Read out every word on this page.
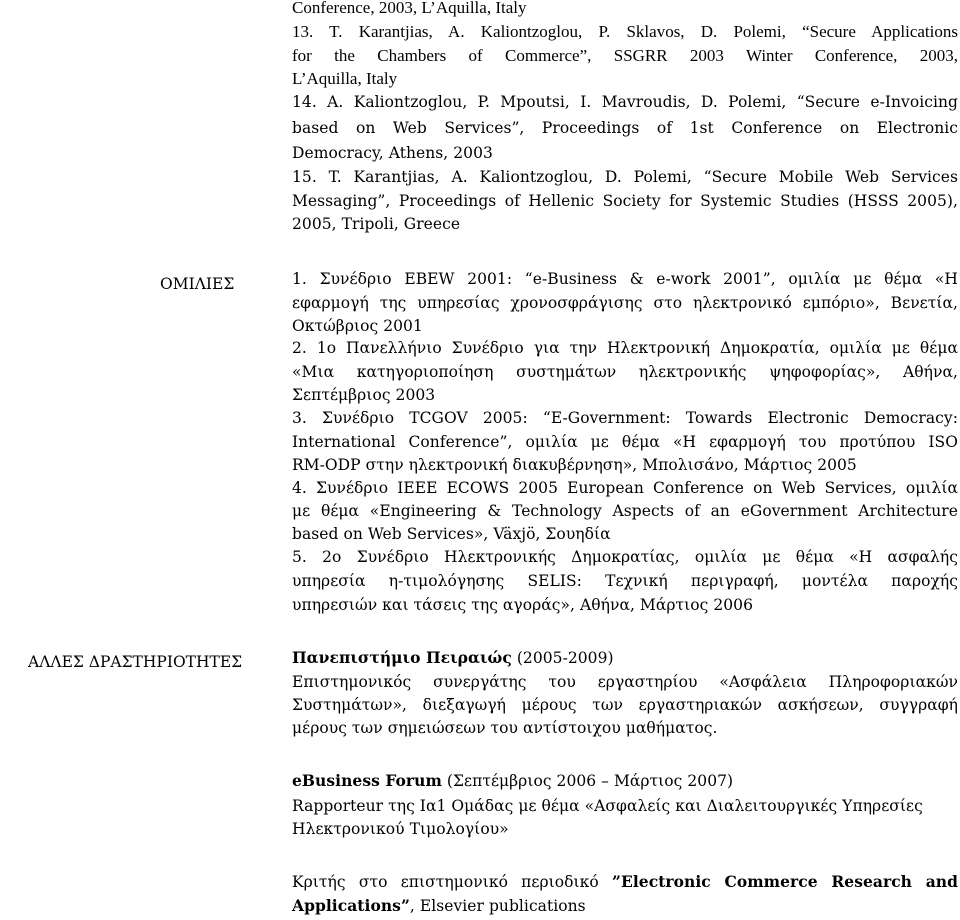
Conference, 2003, L’Aquilla, Italy
13. T. Karantjias, A. Kaliontzoglou, P. Sklavos, D. Polemi, “Secure Applications
for the Chambers of Commerce”, SSGRR 2003 Winter Conference, 2003,
L’Aquilla, Italy
14. A. Kaliontzoglou, P. Mpoutsi, I. Mavroudis, D. Polemi, “Secure e-Invoicing
based on Web Services”, Proceedings of 1st Conference on Electronic
Democracy, Athens, 2003
15. T. Karantjias, A. Kaliontzoglou, D. Polemi, “Secure Mobile Web Services
Messaging”, Proceedings of Hellenic Society for Systemic Studies (HSSS 2005),
2005, Tripoli, Greece
ΟΜΙΛΙΕΣ	1. Συνέδριο EBEW 2001: “e-Business & e-work 2001”, ομιλία με θέμα «Η
εφαρμογή της υπηρεσίας χρονοσφράγισης στο ηλεκτρονικό εμπόριο», Βενετία,
Οκτώβριος 2001
2. 1ο Πανελλήνιο Συνέδριο για την Ηλεκτρονική Δημοκρατία, ομιλία με θέμα
«Μια κατηγοριοποίηση συστημάτων ηλεκτρονικής ψηφοφορίας», Αθήνα,
Σεπτέμβριος 2003
3. Συνέδριο TCGOV 2005: “E-Government: Towards Electronic Democracy:
International Conference”, ομιλία με θέμα «Η εφαρμογή του προτύπου ISO
RM-ODP στην ηλεκτρονική διακυβέρνηση», Μπολισάνο, Μάρτιος 2005
4. Συνέδριο IEEE ECOWS 2005 European Conference on Web Services, ομιλία
με θέμα «Engineering & Technology Aspects of an eGovernment Architecture
based on Web Services», Växjö, Σουηδία
5. 2ο Συνέδριο Ηλεκτρονικής Δημοκρατίας, ομιλία με θέμα «Η ασφαλής
υπηρεσία η-τιμολόγησης SELIS: Τεχνική περιγραφή, μοντέλα παροχής
υπηρεσιών και τάσεις της αγοράς», Αθήνα, Μάρτιος 2006
ΑΛΛΕΣ ΔΡΑΣΤΗΡΙΟΤΗΤΕΣ	Πανεπιστήμιο Πειραιώς (2005-2009)
Επιστημονικός συνεργάτης του εργαστηρίου «Ασφάλεια Πληροφοριακών
Συστημάτων», διεξαγωγή μέρους των εργαστηριακών ασκήσεων, συγγραφή
μέρους των σημειώσεων του αντίστοιχου μαθήματος.
eBusiness Forum (Σεπτέμβριος 2006 – Μάρτιος 2007)
Rapporteur της Ια1 Ομάδας με θέμα «Ασφαλείς και Διαλειτουργικές Υπηρεσίες
Ηλεκτρονικού Τιμολογίου»
Κριτής στο επιστημονικό περιοδικό ”Electronic Commerce Research and
Applications”, Elsevier publications
